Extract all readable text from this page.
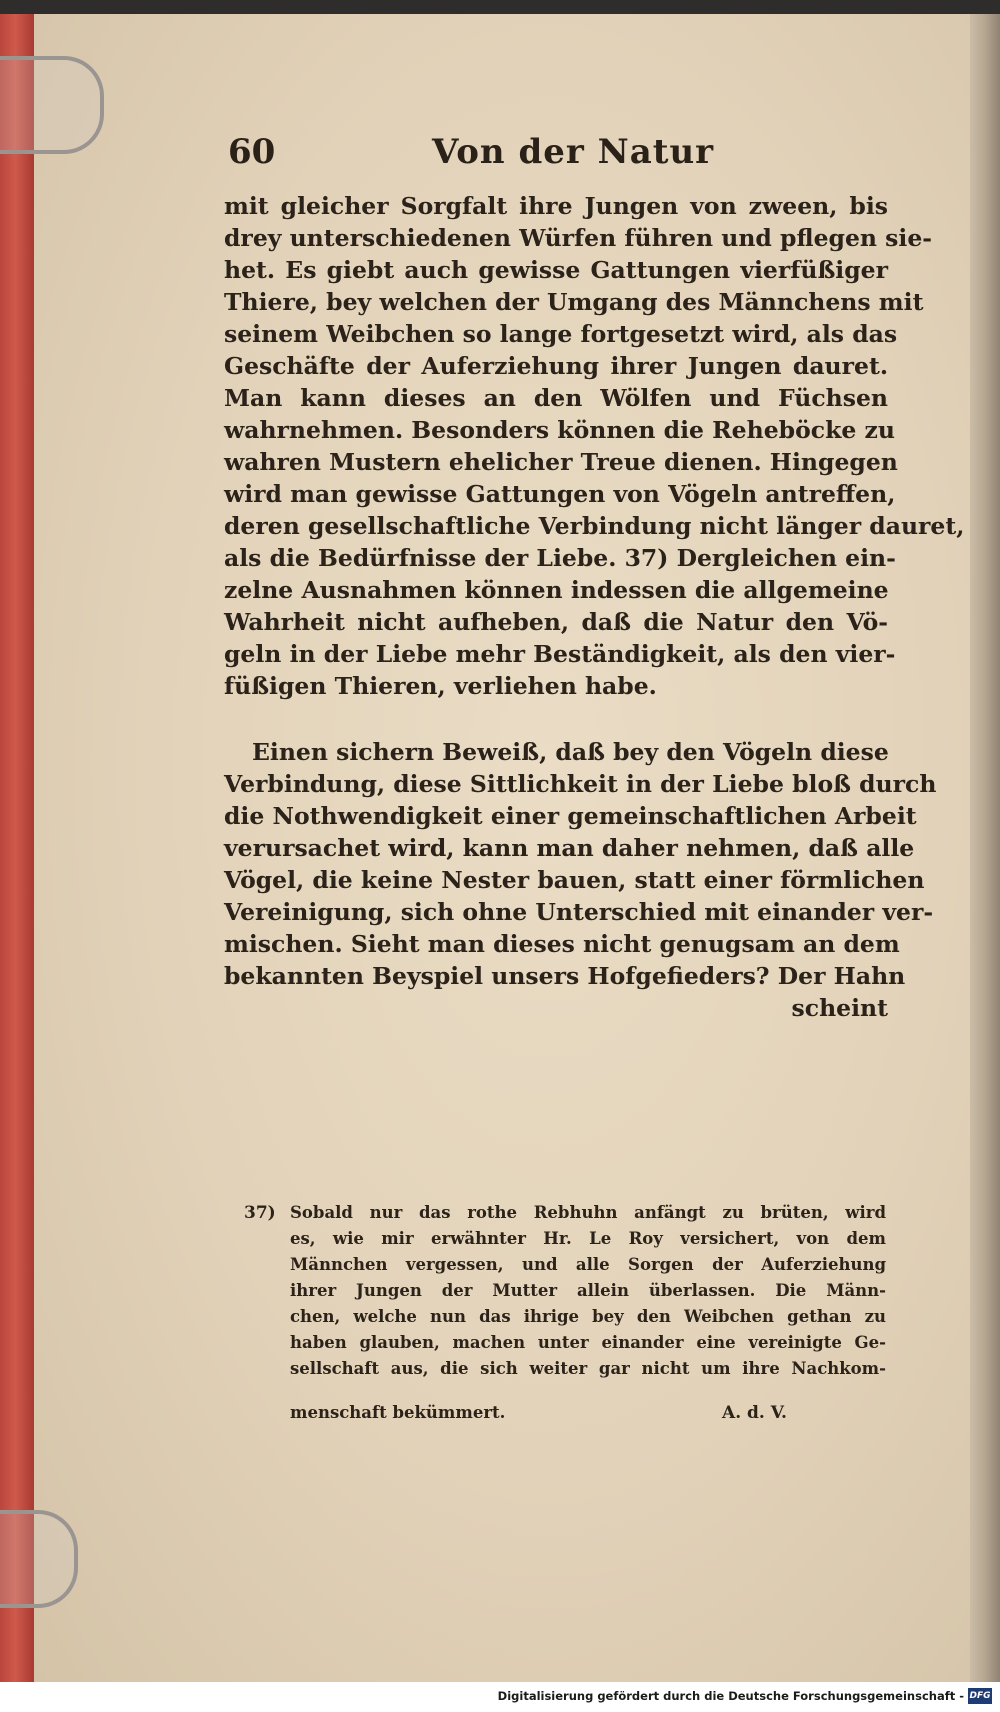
60	Von der Natur
mit gleicher Sorgfalt ihre Jungen von zween, bis
drey unterschiedenen Würfen führen und pflegen sie-
het. Es giebt auch gewisse Gattungen vierfüßiger
Thiere, bey welchen der Umgang des Männchens mit
seinem Weibchen so lange fortgesetzt wird, als das
Geschäfte der Auferziehung ihrer Jungen dauret.
Man kann dieses an den Wölfen und Füchsen
wahrnehmen. Besonders können die Reheböcke zu
wahren Mustern ehelicher Treue dienen. Hingegen
wird man gewisse Gattungen von Vögeln antreffen,
deren gesellschaftliche Verbindung nicht länger dauret,
als die Bedürfnisse der Liebe. 37) Dergleichen ein-
zelne Ausnahmen können indessen die allgemeine
Wahrheit nicht aufheben, daß die Natur den Vö-
geln in der Liebe mehr Beständigkeit, als den vier-
füßigen Thieren, verliehen habe.
Einen sichern Beweiß, daß bey den Vögeln diese
Verbindung, diese Sittlichkeit in der Liebe bloß durch
die Nothwendigkeit einer gemeinschaftlichen Arbeit
verursachet wird, kann man daher nehmen, daß alle
Vögel, die keine Nester bauen, statt einer förmlichen
Vereinigung, sich ohne Unterschied mit einander ver-
mischen. Sieht man dieses nicht genugsam an dem
bekannten Beyspiel unsers Hofgefieders? Der Hahn
scheint
37) Sobald nur das rothe Rebhuhn anfängt zu brüten, wird
es, wie mir erwähnter Hr. Le Roy versichert, von dem
Männchen vergessen, und alle Sorgen der Auferziehung
ihrer Jungen der Mutter allein überlassen. Die Männ-
chen, welche nun das ihrige bey den Weibchen gethan zu
haben glauben, machen unter einander eine vereinigte Ge-
sellschaft aus, die sich weiter gar nicht um ihre Nachkom-
menschaft bekümmert.	A. d. V.
Digitalisierung gefördert durch die Deutsche Forschungsgemeinschaft - DFG
